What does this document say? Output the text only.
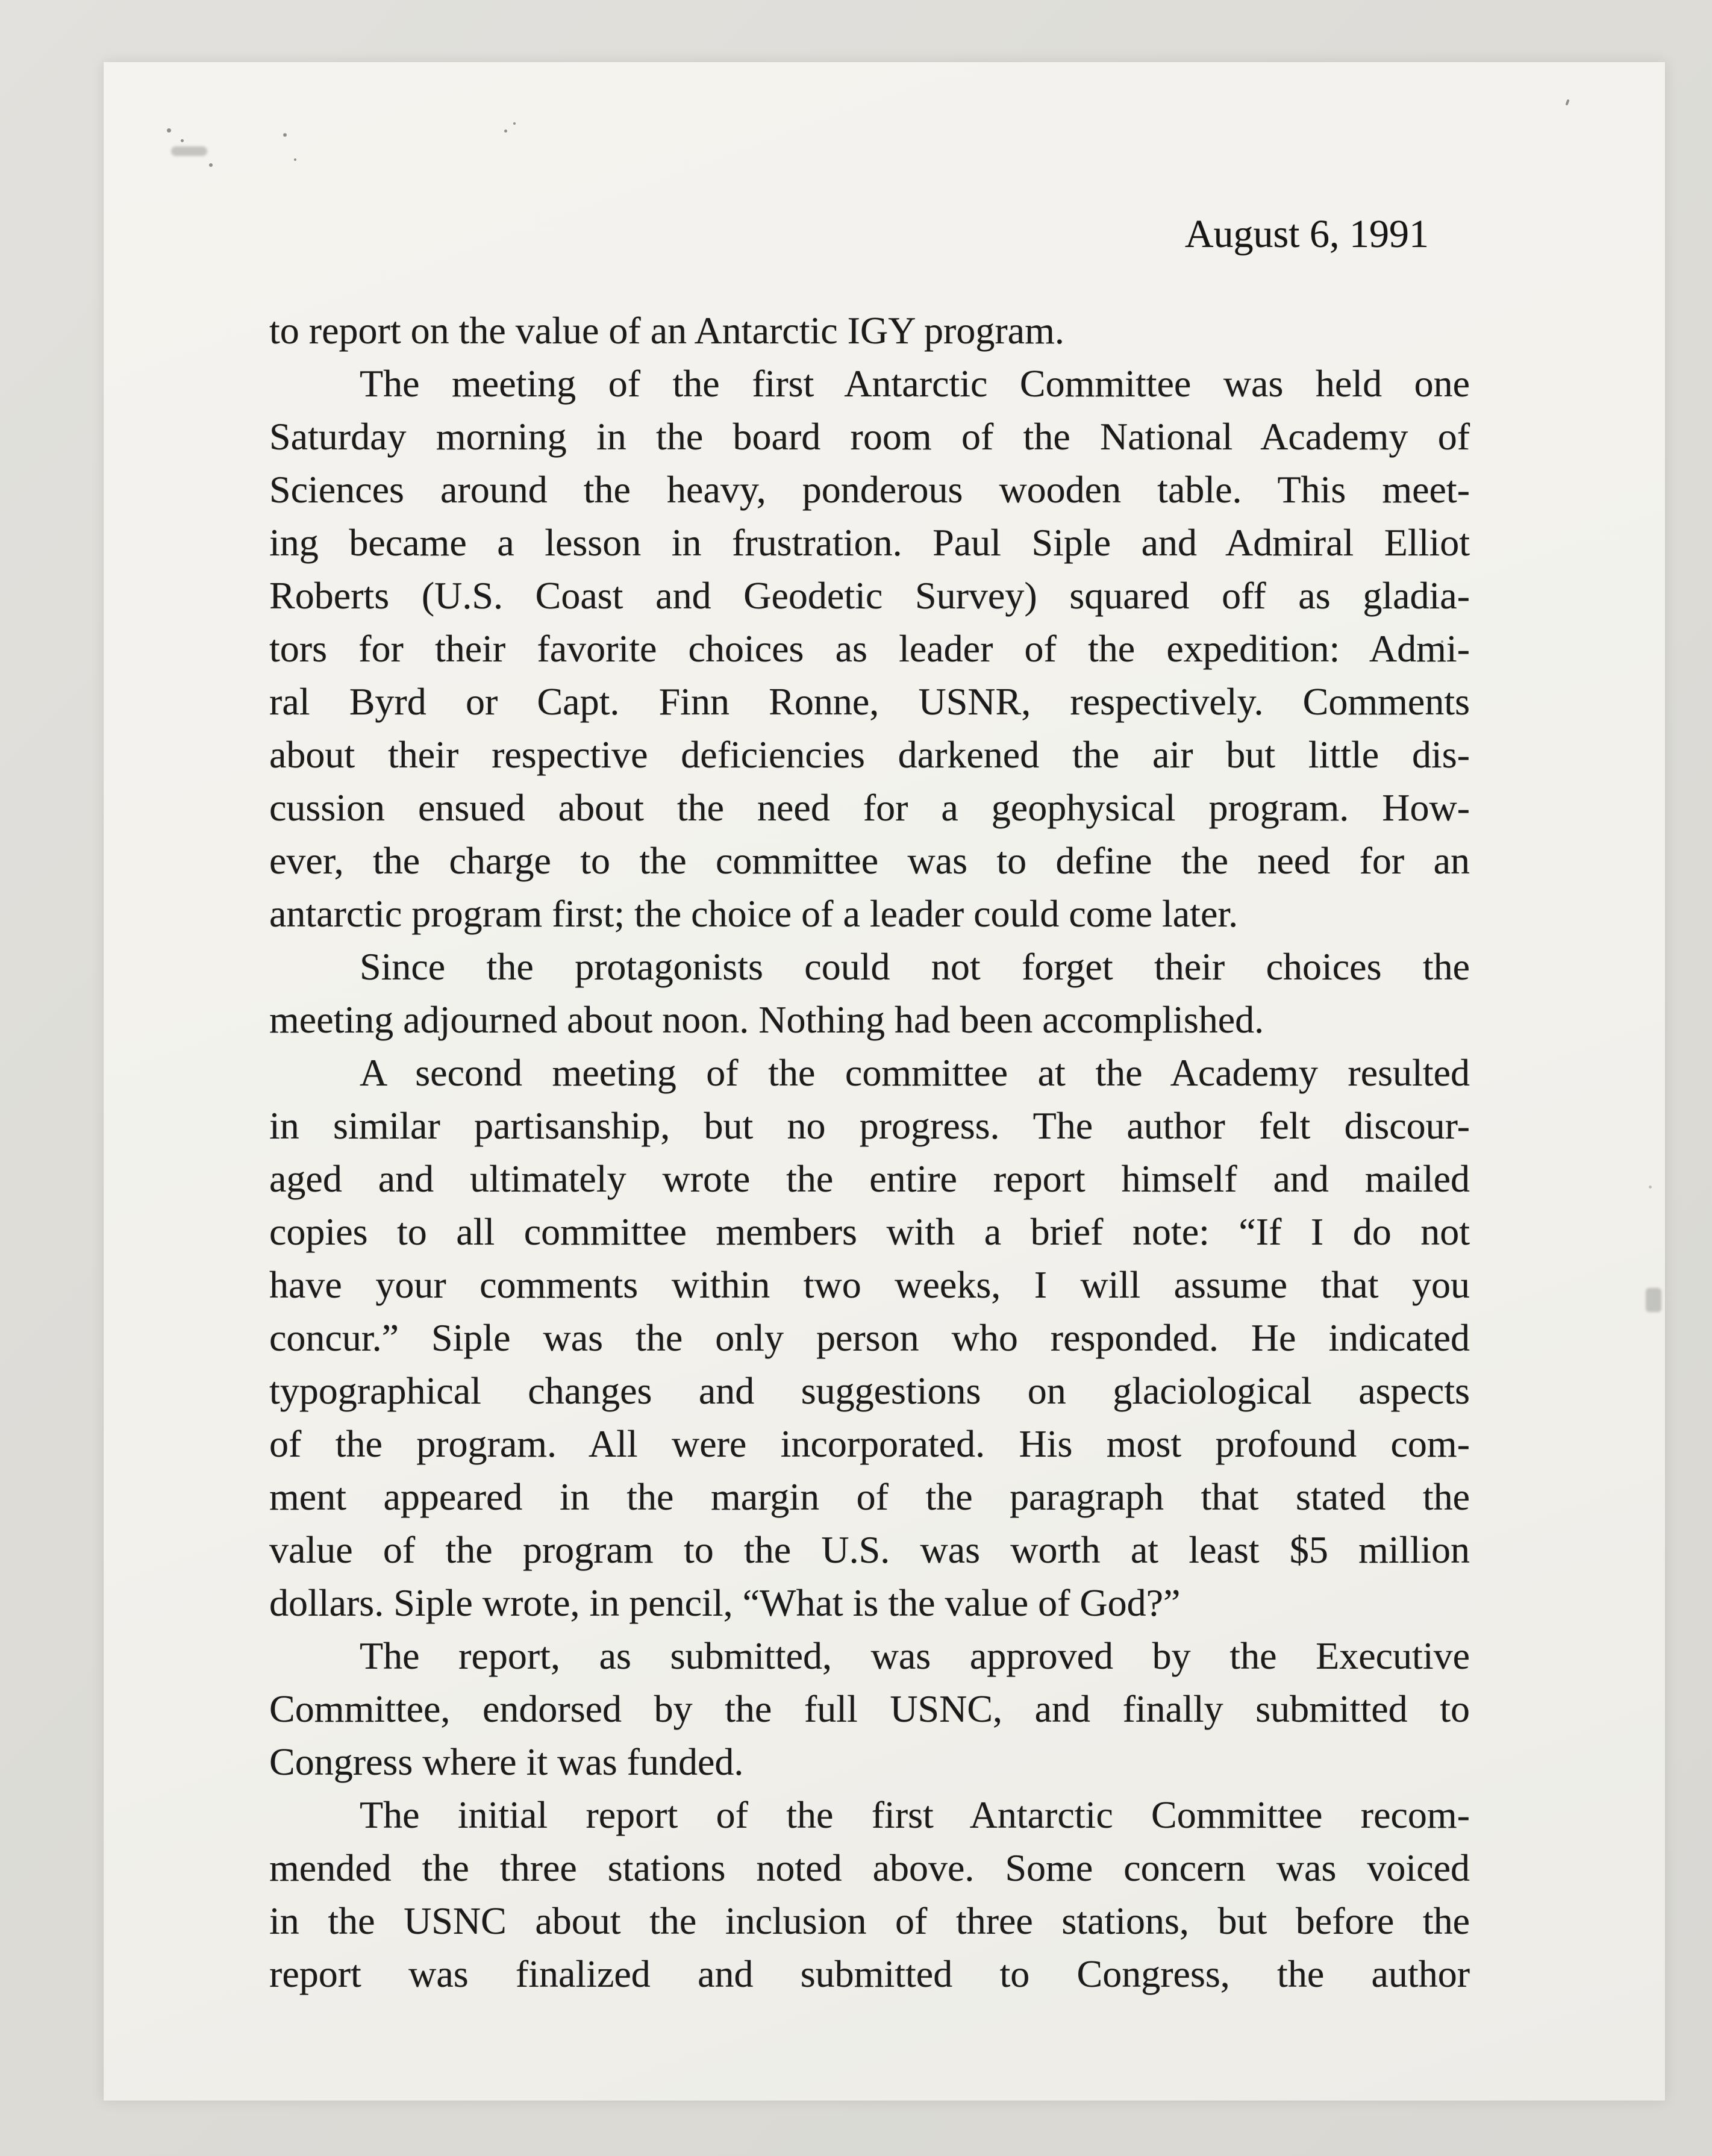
August 6, 1991
to report on the value of an Antarctic IGY program.
The meeting of the first Antarctic Committee was held one
Saturday morning in the board room of the National Academy of
Sciences around the heavy, ponderous wooden table. This meet-
ing became a lesson in frustration. Paul Siple and Admiral Elliot
Roberts (U.S. Coast and Geodetic Survey) squared off as gladia-
tors for their favorite choices as leader of the expedition: Admi-
ral Byrd or Capt. Finn Ronne, USNR, respectively. Comments
about their respective deficiencies darkened the air but little dis-
cussion ensued about the need for a geophysical program. How-
ever, the charge to the committee was to define the need for an
antarctic program first; the choice of a leader could come later.
Since the protagonists could not forget their choices the
meeting adjourned about noon. Nothing had been accomplished.
A second meeting of the committee at the Academy resulted
in similar partisanship, but no progress. The author felt discour-
aged and ultimately wrote the entire report himself and mailed
copies to all committee members with a brief note: “If I do not
have your comments within two weeks, I will assume that you
concur.” Siple was the only person who responded. He indicated
typographical changes and suggestions on glaciological aspects
of the program. All were incorporated. His most profound com-
ment appeared in the margin of the paragraph that stated the
value of the program to the U.S. was worth at least $5 million
dollars. Siple wrote, in pencil, “What is the value of God?”
The report, as submitted, was approved by the Executive
Committee, endorsed by the full USNC, and finally submitted to
Congress where it was funded.
The initial report of the first Antarctic Committee recom-
mended the three stations noted above. Some concern was voiced
in the USNC about the inclusion of three stations, but before the
report was finalized and submitted to Congress, the author
